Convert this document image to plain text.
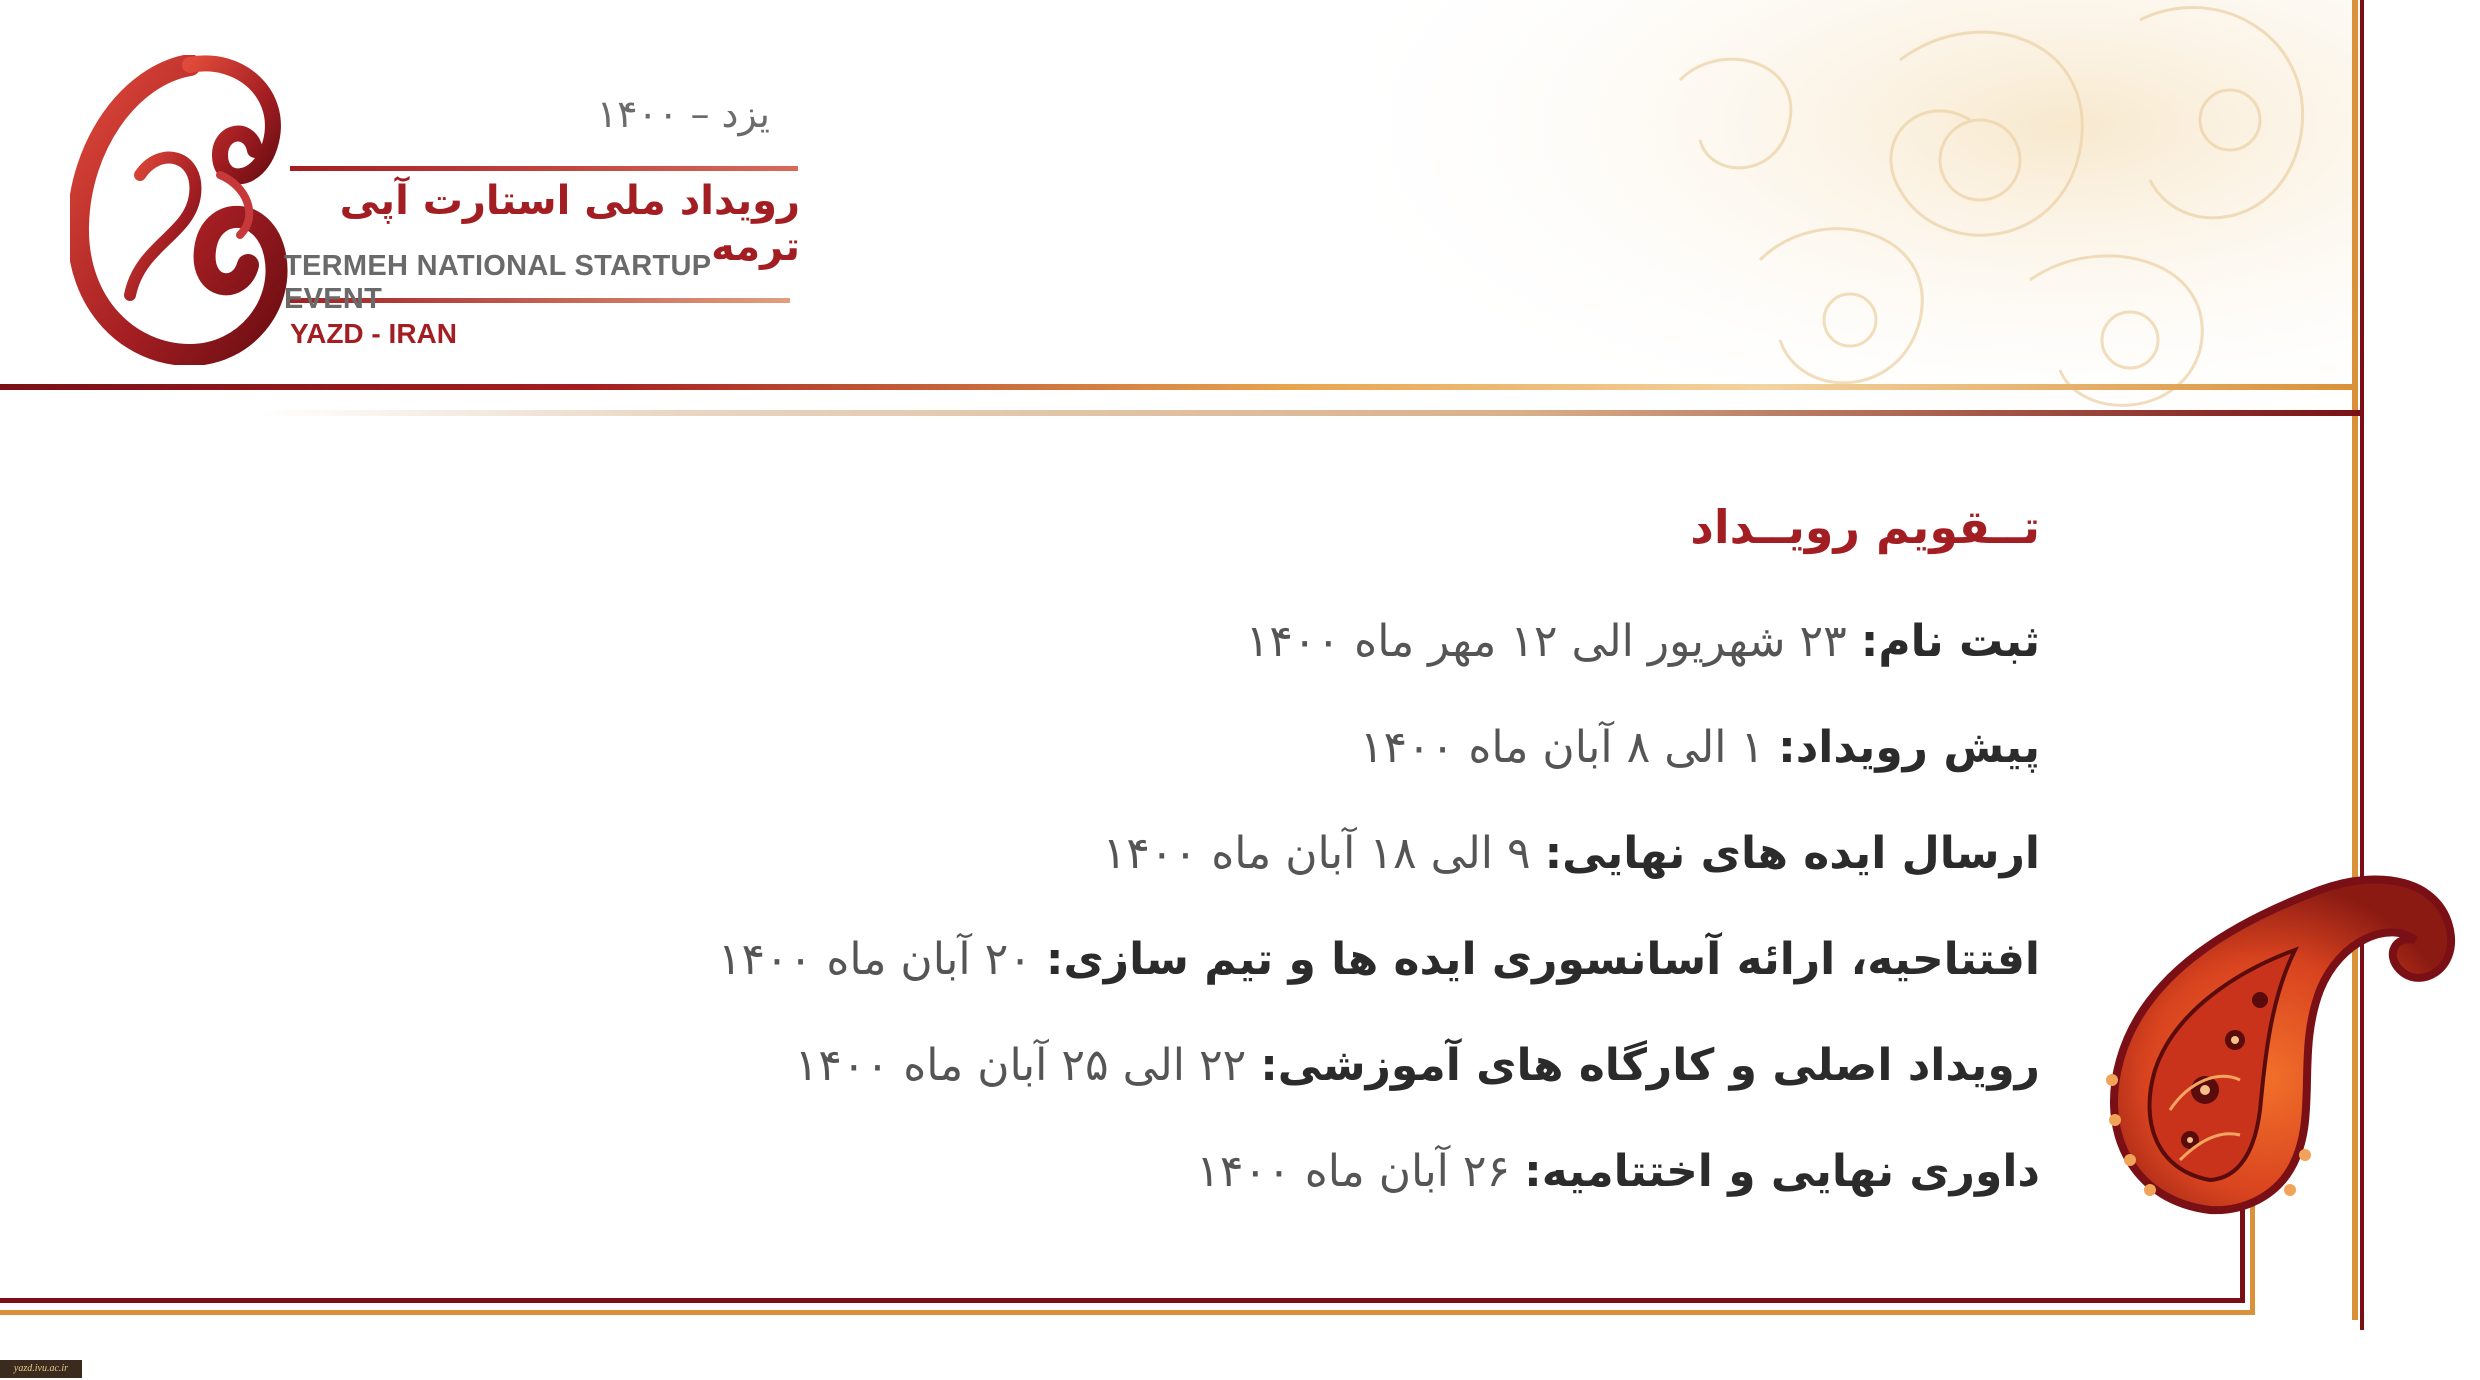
یزد – ۱۴۰۰
رویداد ملی استارت آپی ترمه
TERMEH NATIONAL STARTUP EVENT
YAZD - IRAN
تــقویم رویــداد
ثبت نام: ۲۳ شهریور الی ۱۲ مهر ماه ۱۴۰۰
پیش رویداد: ۱ الی ۸ آبان ماه ۱۴۰۰
ارسال ایده های نهایی: ۹ الی ۱۸ آبان ماه ۱۴۰۰
افتتاحیه، ارائه آسانسوری ایده ها و تیم سازی: ۲۰ آبان ماه ۱۴۰۰
رویداد اصلی و کارگاه های آموزشی: ۲۲ الی ۲۵ آبان ماه ۱۴۰۰
داوری نهایی و اختتامیه: ۲۶ آبان ماه ۱۴۰۰
yazd.ivu.ac.ir
